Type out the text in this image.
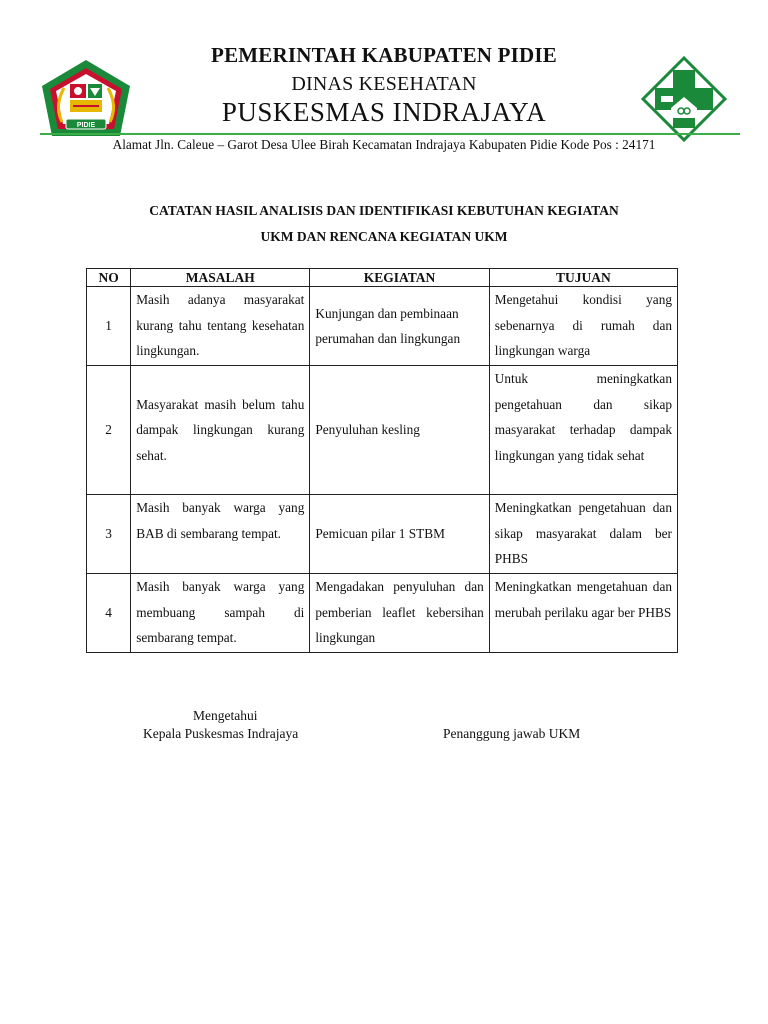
PIDIE
PEMERINTAH KABUPATEN PIDIE
DINAS KESEHATAN
PUSKESMAS INDRAJAYA
Alamat Jln. Caleue – Garot Desa Ulee Birah Kecamatan Indrajaya Kabupaten Pidie Kode Pos : 24171
CATATAN HASIL ANALISIS DAN IDENTIFIKASI KEBUTUHAN KEGIATAN
UKM DAN RENCANA KEGIATAN UKM
NO	MASALAH	KEGIATAN	TUJUAN
1	Masih adanya masyarakat kurang tahu tentang kesehatan lingkungan.	Kunjungan dan pembinaan perumahan dan lingkungan	Mengetahui kondisi yang sebenarnya di rumah dan lingkungan warga
2	Masyarakat masih belum tahu dampak lingkungan kurang sehat.	Penyuluhan kesling	Untuk meningkatkan pengetahuan dan sikap masyarakat terhadap dampak lingkungan yang tidak sehat
3	Masih banyak warga yang BAB di sembarang tempat.	Pemicuan pilar 1 STBM	Meningkatkan pengetahuan dan sikap masyarakat dalam ber PHBS
4	Masih banyak warga yang membuang sampah di sembarang tempat.	Mengadakan penyuluhan dan pemberian leaflet kebersihan lingkungan	Meningkatkan mengetahuan dan merubah perilaku agar ber PHBS
Mengetahui
Kepala Puskesmas Indrajaya	Penanggung jawab UKM
